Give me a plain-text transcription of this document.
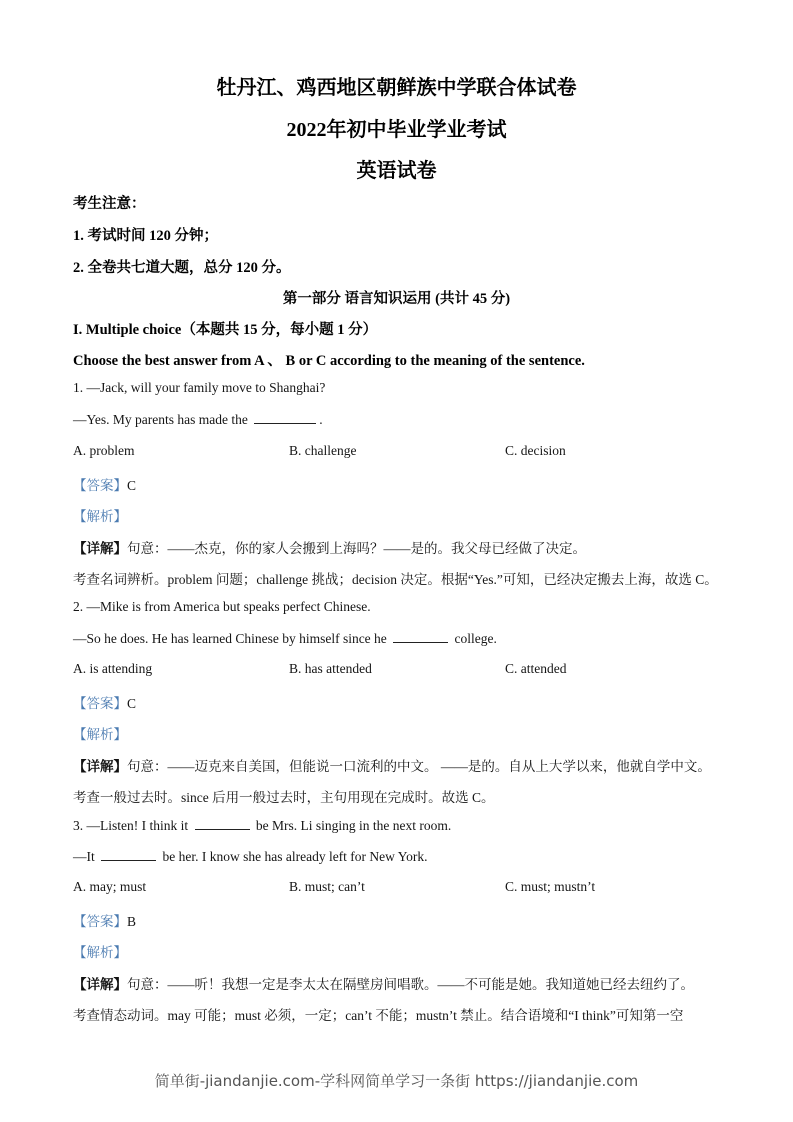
牡丹江、鸡西地区朝鲜族中学联合体试卷
2022年初中毕业学业考试
英语试卷
考生注意：
1. 考试时间 120 分钟；
2. 全卷共七道大题，总分 120 分。
第一部分 语言知识运用 (共计 45 分)
I. Multiple choice（本题共 15 分，每小题 1 分）
Choose the best answer from A 、 B or C according to the meaning of the sentence.
1. —Jack, will your family move to Shanghai?
—Yes. My parents has made the	.
A. problem	B. challenge	C. decision
【答案】C
【解析】
【详解】句意：——杰克，你的家人会搬到上海吗？——是的。我父母已经做了决定。
考查名词辨析。problem 问题；challenge 挑战；decision 决定。根据“Yes.”可知，已经决定搬去上海，故选 C。
2. —Mike is from America but speaks perfect Chinese.
—So he does. He has learned Chinese by himself since he	college.
A. is attending	B. has attended	C. attended
【答案】C
【解析】
【详解】句意：——迈克来自美国，但能说一口流利的中文。 ——是的。自从上大学以来，他就自学中文。
考查一般过去时。since 后用一般过去时，主句用现在完成时。故选 C。
3. —Listen! I think it	be Mrs. Li singing in the next room.
—It	be her. I know she has already left for New York.
A. may; must	B. must; can’t	C. must; mustn’t
【答案】B
【解析】
【详解】句意：——听！我想一定是李太太在隔壁房间唱歌。——不可能是她。我知道她已经去纽约了。
考查情态动词。may 可能；must 必须，一定；can’t 不能；mustn’t 禁止。结合语境和“I think”可知第一空
简单街-jiandanjie.com-学科网简单学习一条街 https://jiandanjie.com
